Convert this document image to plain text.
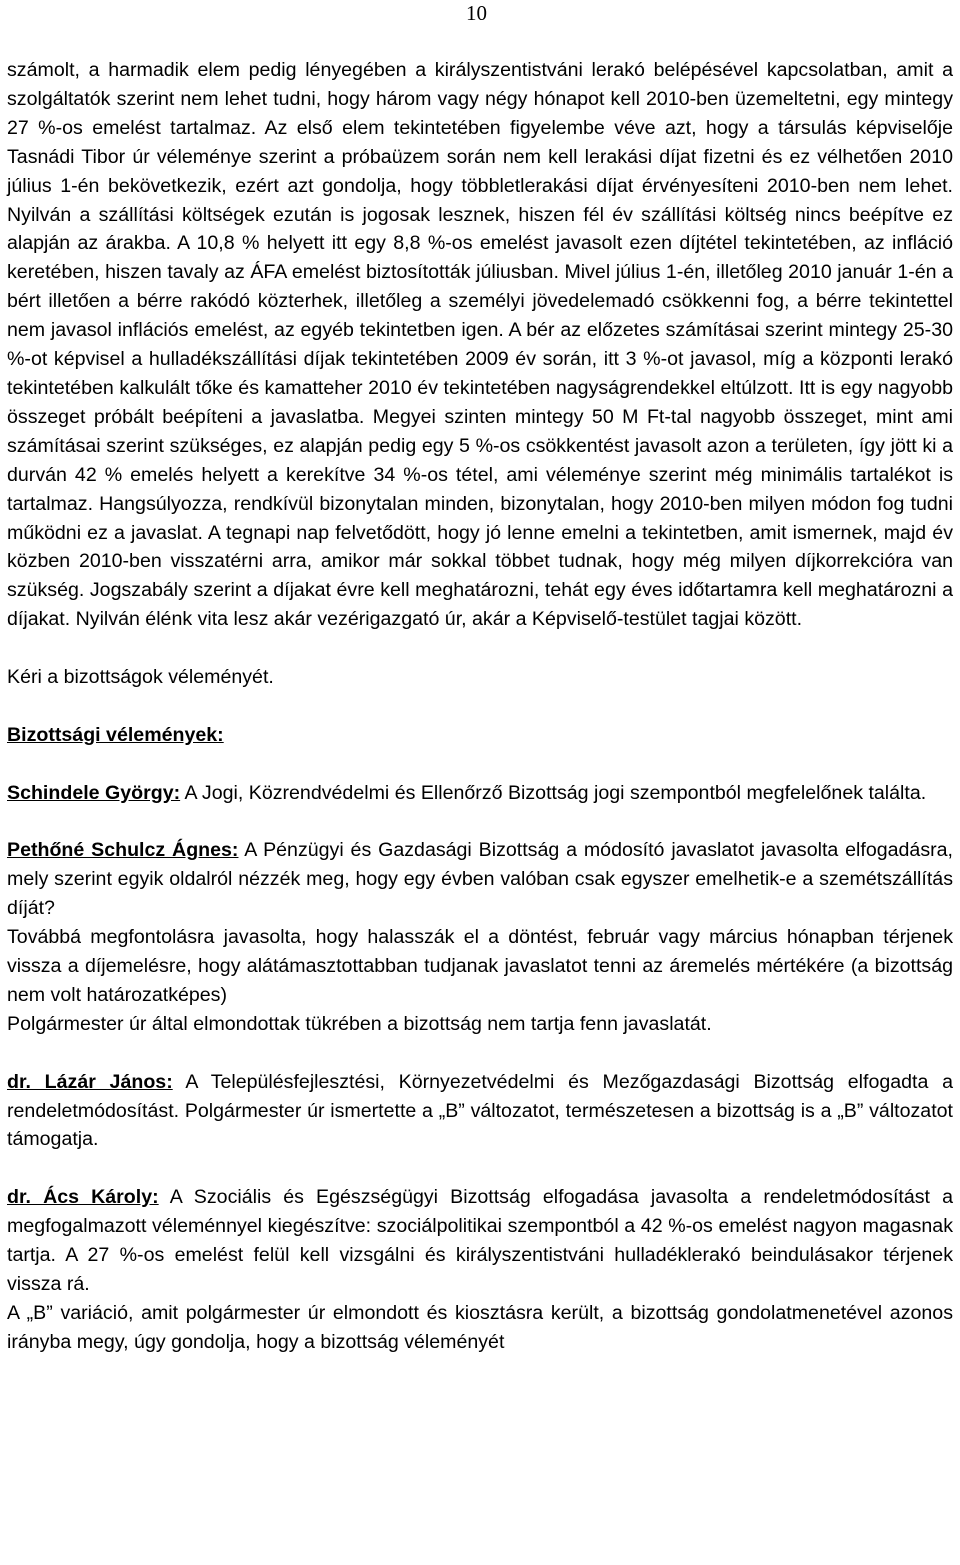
10

számolt, a harmadik elem pedig lényegében a királyszentistváni lerakó belépésével kapcsolatban, amit a szolgáltatók szerint nem lehet tudni, hogy három vagy négy hónapot kell 2010-ben üzemeltetni, egy mintegy 27 %-os emelést tartalmaz. Az első elem tekintetében figyelembe véve azt, hogy a társulás képviselője Tasnádi Tibor úr véleménye szerint a próbaüzem során nem kell lerakási díjat fizetni és ez vélhetően 2010 július 1-én bekövetkezik, ezért azt gondolja, hogy többletlerakási díjat érvényesíteni 2010-ben nem lehet. Nyilván a szállítási költségek ezután is jogosak lesznek, hiszen fél év szállítási költség nincs beépítve ez alapján az árakba. A 10,8 % helyett itt egy 8,8 %-os emelést javasolt ezen díjtétel tekintetében, az infláció keretében, hiszen tavaly az ÁFA emelést biztosították júliusban. Mivel július 1-én, illetőleg 2010 január 1-én a bért illetően a bérre rakódó közterhek, illetőleg a személyi jövedelemadó csökkenni fog, a bérre tekintettel nem javasol inflációs emelést, az egyéb tekintetben igen. A bér az előzetes számításai szerint mintegy 25-30 %-ot képvisel a hulladékszállítási díjak tekintetében 2009 év során, itt 3 %-ot javasol, míg a központi lerakó tekintetében kalkulált tőke és kamatteher 2010 év tekintetében nagyságrendekkel eltúlzott. Itt is egy nagyobb összeget próbált beépíteni a javaslatba. Megyei szinten mintegy 50 M Ft-tal nagyobb összeget, mint ami számításai szerint szükséges, ez alapján pedig egy 5 %-os csökkentést javasolt azon a területen, így jött ki a durván 42 % emelés helyett a kerekítve 34 %-os tétel, ami véleménye szerint még minimális tartalékot is tartalmaz. Hangsúlyozza, rendkívül bizonytalan minden, bizonytalan, hogy 2010-ben milyen módon fog tudni működni ez a javaslat. A tegnapi nap felvetődött, hogy jó lenne emelni a tekintetben, amit ismernek, majd év közben 2010-ben visszatérni arra, amikor már sokkal többet tudnak, hogy még milyen díjkorrekcióra van szükség. Jogszabály szerint a díjakat évre kell meghatározni, tehát egy éves időtartamra kell meghatározni a díjakat. Nyilván élénk vita lesz akár vezérigazgató úr, akár a Képviselő-testület tagjai között.

Kéri a bizottságok véleményét.

Bizottsági vélemények:

Schindele György: A Jogi, Közrendvédelmi és Ellenőrző Bizottság jogi szempontból megfelelőnek találta.

Pethőné Schulcz Ágnes: A Pénzügyi és Gazdasági Bizottság a módosító javaslatot javasolta elfogadásra, mely szerint egyik oldalról nézzék meg, hogy egy évben valóban csak egyszer emelhetik-e a szemétszállítás díját?

Továbbá megfontolásra javasolta, hogy halasszák el a döntést, február vagy március hónapban térjenek vissza a díjemelésre, hogy alátámasztottabban tudjanak javaslatot tenni az áremelés mértékére (a bizottság nem volt határozatképes)

Polgármester úr által elmondottak tükrében a bizottság nem tartja fenn javaslatát.

dr. Lázár János: A Településfejlesztési, Környezetvédelmi és Mezőgazdasági Bizottság elfogadta a rendeletmódosítást. Polgármester úr ismertette a „B” változatot, természetesen a bizottság is a „B” változatot támogatja.

dr. Ács Károly: A Szociális és Egészségügyi Bizottság elfogadása javasolta a rendeletmódosítást a megfogalmazott véleménnyel kiegészítve: szociálpolitikai szempontból a 42 %-os emelést nagyon magasnak tartja. A 27 %-os emelést felül kell vizsgálni és királyszentistváni hulladéklerakó beindulásakor térjenek vissza rá.

A „B” variáció, amit polgármester úr elmondott és kiosztásra került, a bizottság gondolatmenetével azonos irányba megy, úgy gondolja, hogy a bizottság véleményét
